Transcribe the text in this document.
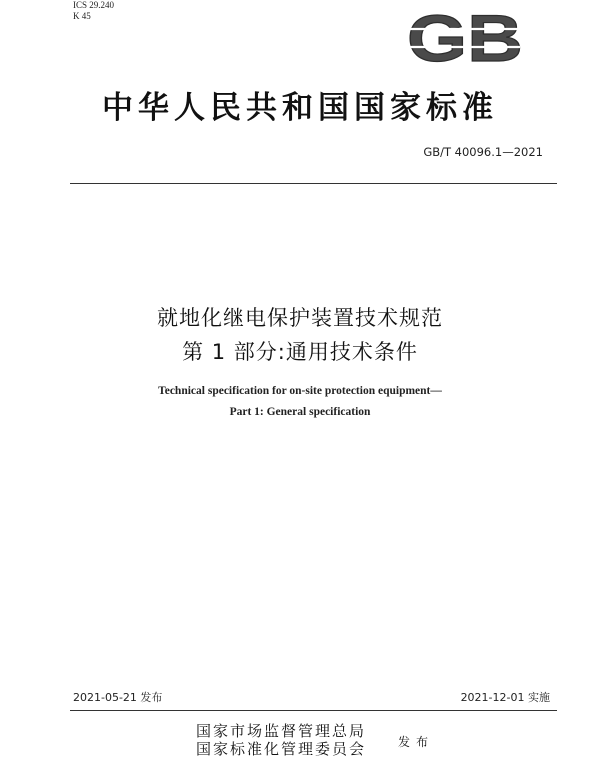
ICS 29.240
K 45	GB
中华人民共和国国家标准
GB/T 40096.1—2021
就地化继电保护装置技术规范
第 1 部分:通用技术条件
Technical specification for on-site protection equipment—
Part 1: General specification
2021-05-21 发布	2021-12-01 实施
国家市场监督管理总局
国家标准化管理委员会	发布
